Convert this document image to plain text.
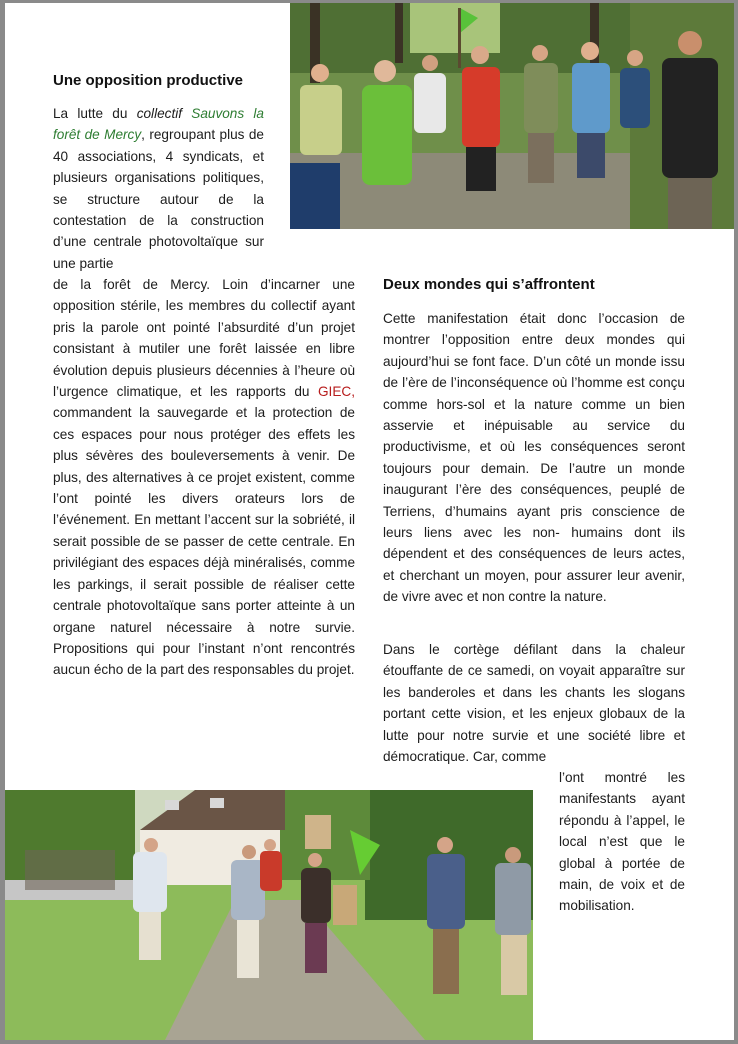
Une opposition productive

La lutte du collectif Sauvons la forêt de Mercy, regroupant plus de 40 associations, 4 syndicats, et plusieurs organisations politiques, se structure autour de la contestation de la construction d’une centrale photovoltaïque sur une partie

de la forêt de Mercy. Loin d’incarner une opposition stérile, les membres du collectif ayant pris la parole ont pointé l’absurdité d’un projet consistant à mutiler une forêt laissée en libre évolution depuis plusieurs décennies à l’heure où l’urgence climatique, et les rapports du GIEC, commandent la sauvegarde et la protection de ces espaces pour nous protéger des effets les plus sévères des bouleversements à venir. De plus, des alternatives à ce projet existent, comme l’ont pointé les divers orateurs lors de l’événement. En mettant l’accent sur la sobriété, il serait possible de se passer de cette centrale. En privilégiant des espaces déjà minéralisés, comme les parkings, il serait possible de réaliser cette centrale photovoltaïque sans porter atteinte à un organe naturel nécessaire à notre survie. Propositions qui pour l’instant n’ont rencontrés aucun écho de la part des responsables du projet.

Deux mondes qui s’affrontent

Cette manifestation était donc l’occasion de montrer l’opposition entre deux mondes qui aujourd’hui se font face. D’un côté un monde issu de l’ère de l’inconséquence où l’homme est conçu comme hors-sol et la nature comme un bien asservie et inépuisable au service du productivisme, et où les conséquences seront toujours pour demain. De l’autre un monde inaugurant l’ère des conséquences, peuplé de Terriens, d’humains ayant pris conscience de leurs liens avec les non- humains dont ils dépendent et des conséquences de leurs actes, et cherchant un moyen, pour assurer leur avenir, de vivre avec et non contre la nature.

Dans le cortège défilant dans la chaleur étouffante de ce samedi, on voyait apparaître sur les banderoles et dans les chants les slogans portant cette vision, et les enjeux globaux de la lutte pour notre survie et une société libre et démocratique. Car, comme

l’ont montré les manifestants ayant répondu à l’appel, le local n’est que le global à portée de main, de voix et de mobilisation.
